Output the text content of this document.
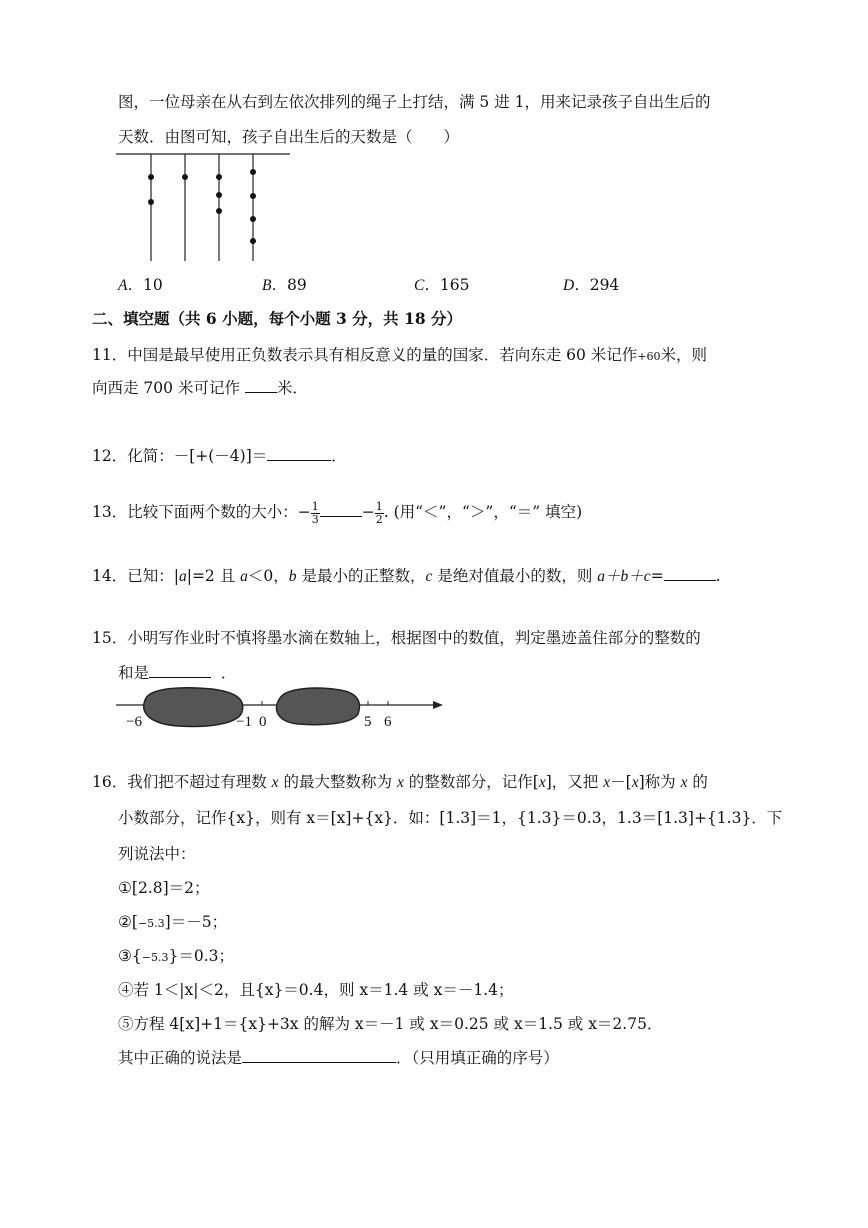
图，一位母亲在从右到左依次排列的绳子上打结，满 5 进 1，用来记录孩子自出生后的
天数．由图可知，孩子自出生后的天数是（　　）
A．10	B．89	C．165	D．294
二、填空题（共 6 小题，每个小题 3 分，共 18 分）
11．中国是最早使用正负数表示具有相反意义的量的国家．若向东走 60 米记作+60米，则
向西走 700 米可记作 米．
12．化简：－[+(－4)]＝	．
13．比较下面两个数的大小：− $\frac{1}{3}$	− $\frac{1}{2}$ . (用“＜”，“＞”，“＝” 填空)
14．已知：|a|=2 且 a＜0，b 是最小的正整数，c 是绝对值最小的数，则 a＋b＋c=	.
15．小明写作业时不慎将墨水滴在数轴上，根据图中的数值，判定墨迹盖住部分的整数的
和是	．
−6	−1 0	5 6
16．我们把不超过有理数 x 的最大整数称为 x 的整数部分，记作[x]，又把 x－[x]称为 x 的
小数部分，记作{x}，则有 x＝[x]+{x}．如：[1.3]＝1，{1.3}＝0.3，1.3＝[1.3]+{1.3}．下
列说法中：
①[2.8]＝2；
②[−5.3]＝－5；
③{−5.3}＝0.3；
④若 1＜|x|＜2，且{x}＝0.4，则 x＝1.4 或 x＝－1.4；
⑤方程 4[x]+1＝{x}+3x 的解为 x＝－1 或 x＝0.25 或 x＝1.5 或 x＝2.75．
其中正确的说法是	．（只用填正确的序号）
